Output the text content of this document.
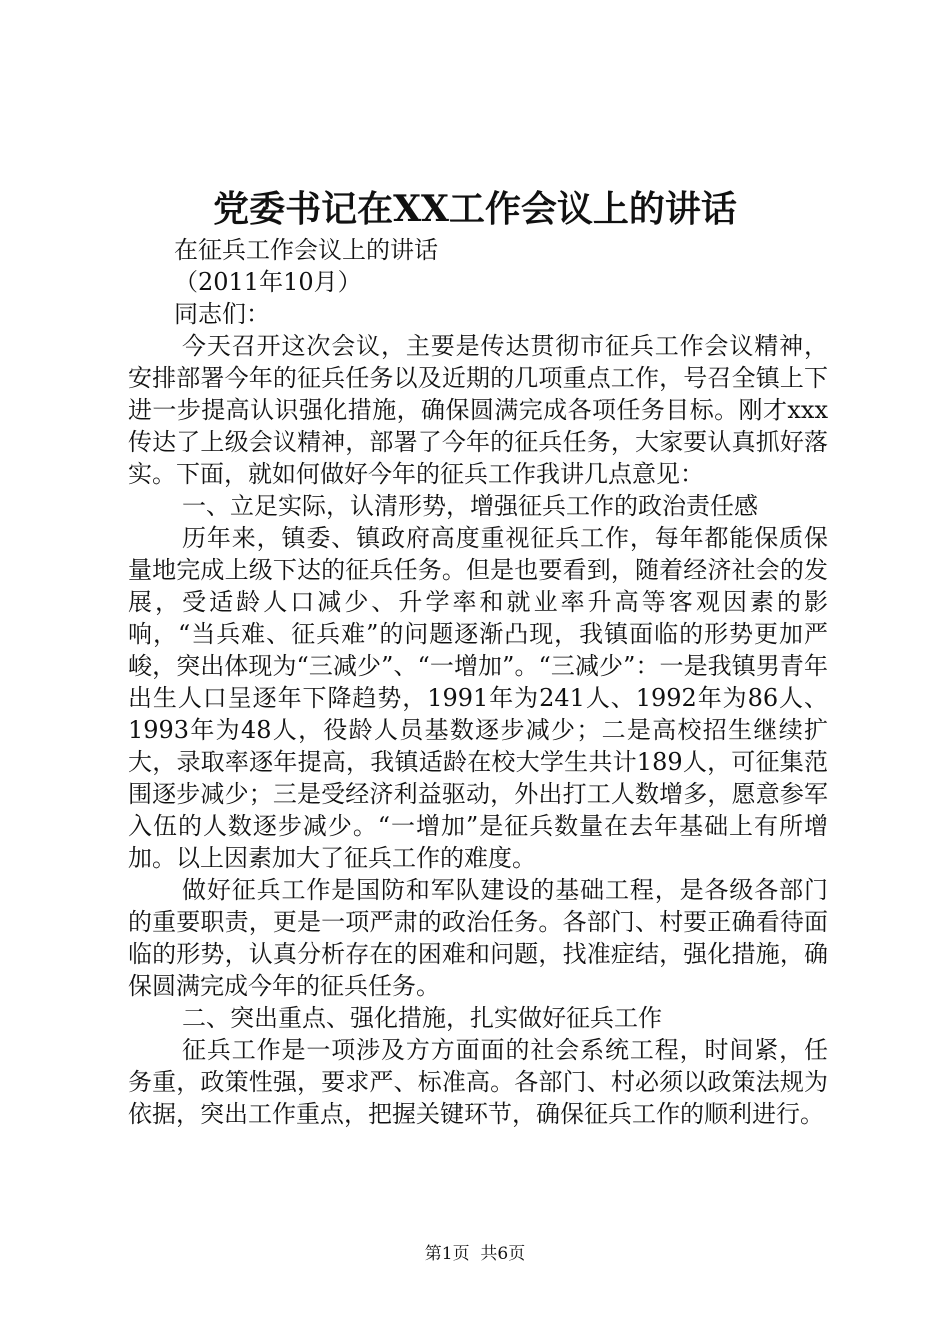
党委书记在XX工作会议上的讲话

在征兵工作会议上的讲话

（2011年10月）

同志们：

今天召开这次会议，主要是传达贯彻市征兵工作会议精神，安排部署今年的征兵任务以及近期的几项重点工作，号召全镇上下进一步提高认识强化措施，确保圆满完成各项任务目标。刚才xxx传达了上级会议精神，部署了今年的征兵任务，大家要认真抓好落实。下面，就如何做好今年的征兵工作我讲几点意见：

一、立足实际，认清形势，增强征兵工作的政治责任感

历年来，镇委、镇政府高度重视征兵工作，每年都能保质保量地完成上级下达的征兵任务。但是也要看到，随着经济社会的发展，受适龄人口减少、升学率和就业率升高等客观因素的影响，“当兵难、征兵难”的问题逐渐凸现，我镇面临的形势更加严峻，突出体现为“三减少”、“一增加”。“三减少”：一是我镇男青年出生人口呈逐年下降趋势，1991年为241人、1992年为86人、1993年为48人，役龄人员基数逐步减少；二是高校招生继续扩大，录取率逐年提高，我镇适龄在校大学生共计189人，可征集范围逐步减少；三是受经济利益驱动，外出打工人数增多，愿意参军入伍的人数逐步减少。“一增加”是征兵数量在去年基础上有所增加。以上因素加大了征兵工作的难度。

做好征兵工作是国防和军队建设的基础工程，是各级各部门的重要职责，更是一项严肃的政治任务。各部门、村要正确看待面临的形势，认真分析存在的困难和问题，找准症结，强化措施，确保圆满完成今年的征兵任务。

二、突出重点、强化措施，扎实做好征兵工作

征兵工作是一项涉及方方面面的社会系统工程，时间紧，任务重，政策性强，要求严、标准高。各部门、村必须以政策法规为依据，突出工作重点，把握关键环节，确保征兵工作的顺利进行。

第1页 共6页
